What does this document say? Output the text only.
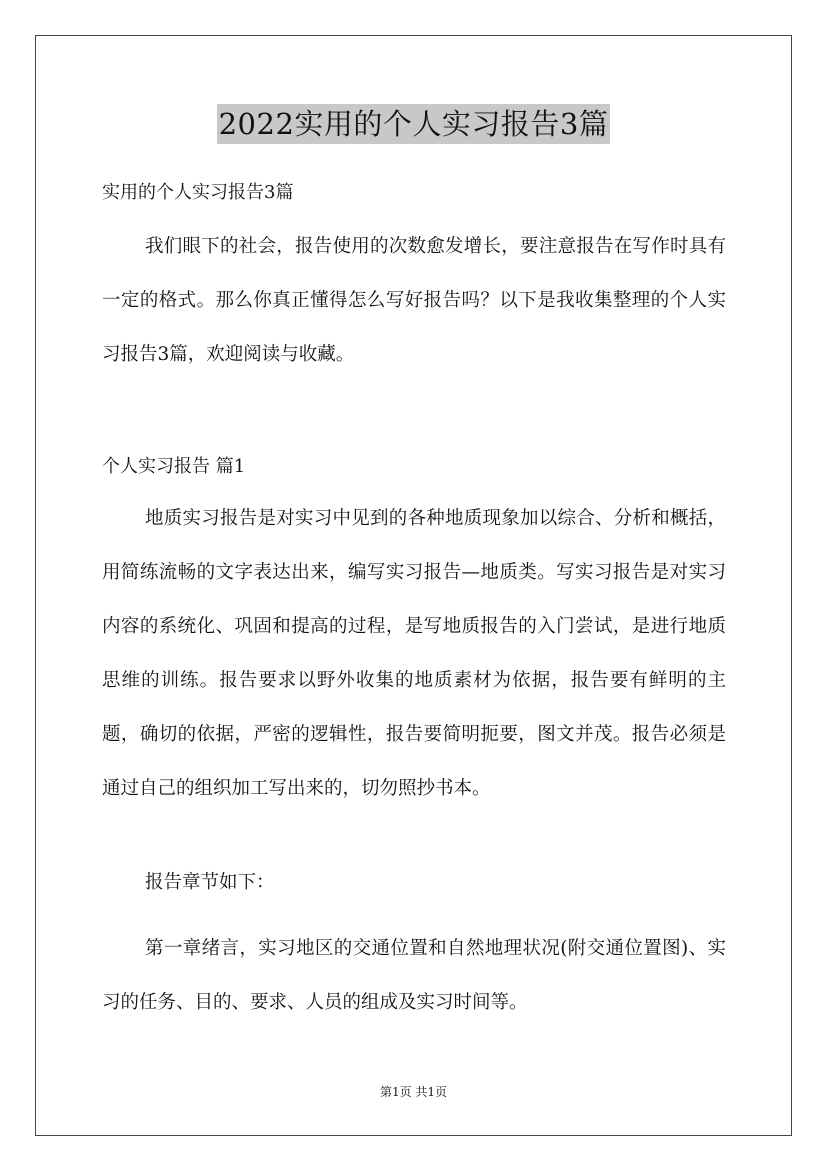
2022实用的个人实习报告3篇
实用的个人实习报告3篇
我们眼下的社会，报告使用的次数愈发增长，要注意报告在写作时具有一定的格式。那么你真正懂得怎么写好报告吗？以下是我收集整理的个人实习报告3篇，欢迎阅读与收藏。
个人实习报告 篇1
地质实习报告是对实习中见到的各种地质现象加以综合、分析和概括，用简练流畅的文字表达出来，编写实习报告—地质类。写实习报告是对实习内容的系统化、巩固和提高的过程，是写地质报告的入门尝试，是进行地质思维的训练。报告要求以野外收集的地质素材为依据，报告要有鲜明的主题，确切的依据，严密的逻辑性，报告要简明扼要，图文并茂。报告必须是通过自己的组织加工写出来的，切勿照抄书本。
报告章节如下：
第一章绪言，实习地区的交通位置和自然地理状况(附交通位置图)、实习的任务、目的、要求、人员的组成及实习时间等。
第1页 共1页
